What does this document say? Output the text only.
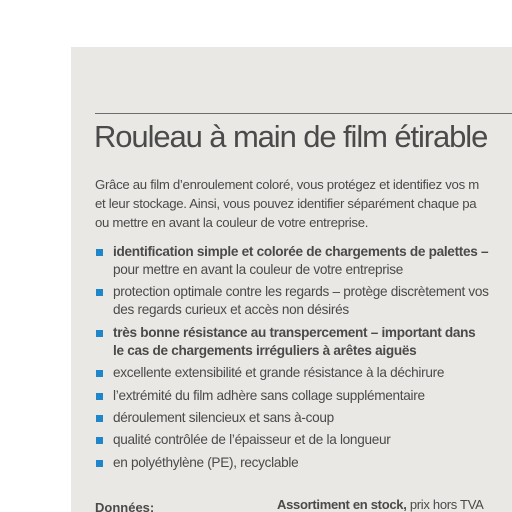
Rouleau à main de film étirable
Grâce au film d’enroulement coloré, vous protégez et identifiez vos m
et leur stockage. Ainsi, vous pouvez identifier séparément chaque pa
ou mettre en avant la couleur de votre entreprise.
identification simple et colorée de chargements de palettes –
pour mettre en avant la couleur de votre entreprise
protection optimale contre les regards – protège discrètement vos
des regards curieux et accès non désirés
très bonne résistance au transpercement – important dans
le cas de chargements irréguliers à arêtes aiguës
excellente extensibilité et grande résistance à la déchirure
l’extrémité du film adhère sans collage supplémentaire
déroulement silencieux et sans à-coup
qualité contrôlée de l’épaisseur et de la longueur
en polyéthylène (PE), recyclable
Données:	Assortiment en stock, prix hors TVA
